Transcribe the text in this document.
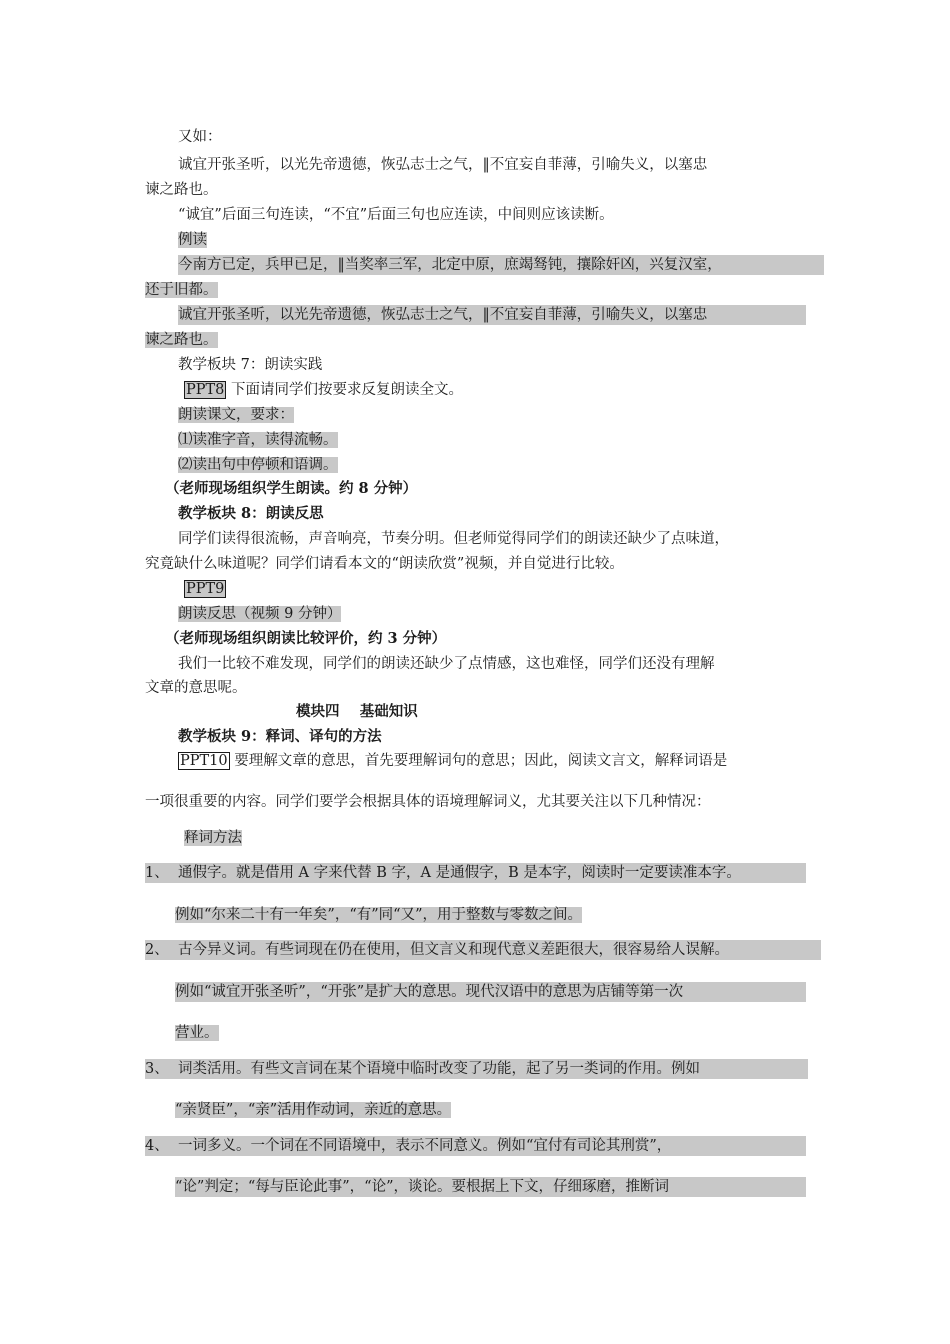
又如：
诚宜开张圣听，以光先帝遗德，恢弘志士之气，‖不宜妄自菲薄，引喻失义，以塞忠
谏之路也。
“诚宜”后面三句连读，“不宜”后面三句也应连读，中间则应该读断。
例读
今南方已定，兵甲已足，‖当奖率三军，北定中原，庶竭驽钝，攘除奸凶，兴复汉室，
还于旧都。
诚宜开张圣听，以光先帝遗德，恢弘志士之气，‖不宜妄自菲薄，引喻失义，以塞忠
谏之路也。
教学板块 7：朗读实践
PPT8 下面请同学们按要求反复朗读全文。
朗读课文，要求：
⑴读准字音，读得流畅。
⑵读出句中停顿和语调。
（老师现场组织学生朗读。约 8 分钟）
教学板块 8：朗读反思
同学们读得很流畅，声音响亮，节奏分明。但老师觉得同学们的朗读还缺少了点味道，
究竟缺什么味道呢？同学们请看本文的“朗读欣赏”视频，并自觉进行比较。
PPT9
朗读反思（视频 9 分钟）
（老师现场组织朗读比较评价，约 3 分钟）
我们一比较不难发现，同学们的朗读还缺少了点情感，这也难怪，同学们还没有理解
文章的意思呢。
模块四    基础知识
教学板块 9：释词、译句的方法
PPT10 要理解文章的意思，首先要理解词句的意思；因此，阅读文言文，解释词语是
一项很重要的内容。同学们要学会根据具体的语境理解词义，尤其要关注以下几种情况：
释词方法
1、  通假字。就是借用 A 字来代替 B 字，A 是通假字，B 是本字，阅读时一定要读准本字。
例如“尔来二十有一年矣”，“有”同“又”，用于整数与零数之间。
2、  古今异义词。有些词现在仍在使用，但文言义和现代意义差距很大，很容易给人误解。
例如“诚宜开张圣听”，“开张”是扩大的意思。现代汉语中的意思为店铺等第一次
营业。
3、  词类活用。有些文言词在某个语境中临时改变了功能，起了另一类词的作用。例如
“亲贤臣”，“亲”活用作动词，亲近的意思。
4、  一词多义。一个词在不同语境中，表示不同意义。例如“宜付有司论其刑赏”，
“论”判定；“每与臣论此事”，“论”，谈论。要根据上下文，仔细琢磨，推断词
